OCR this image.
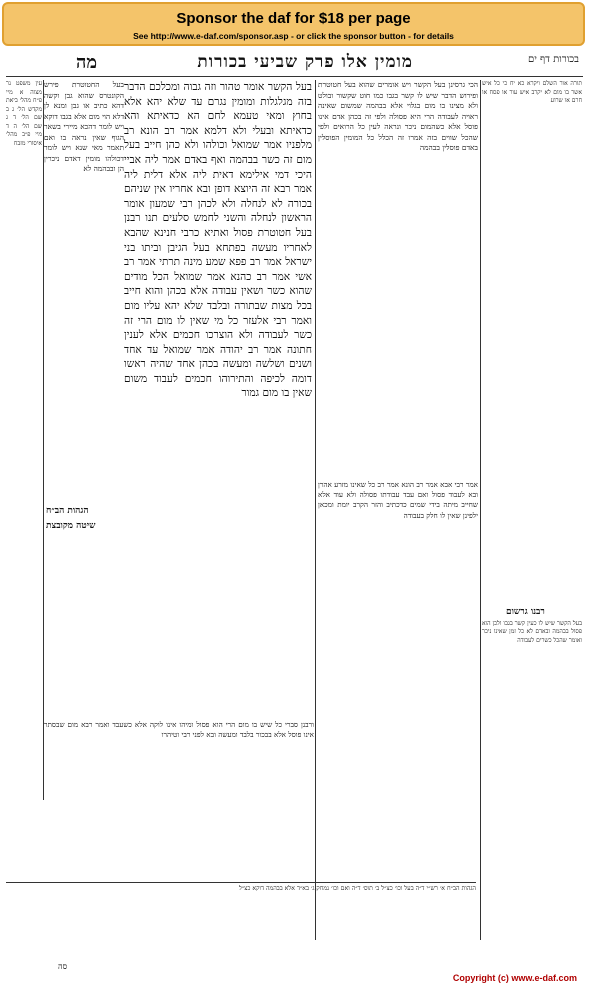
Sponsor the daf for $18 per page
See http://www.e-daf.com/sponsor.asp - or click the sponsor button - for details
בכורות דף ים
מומין אלו פרק שביעי בכורות
מה
עין משפט נר מצוה א מיי פ״ח מהל׳ ביאת מקדש הל׳ ג ב שם הל׳ ד ג שם הל׳ ה ד מיי פ״ב מהל׳ איסורי מזבח
בעל החטוטרת פירש הקונטרס שהוא גבן וקשה דהא כתיב או גבן ומנא לן דלא הוי מום אלא בגבו דוקא ויש לומר דהכא מיירי בשאר הגוף שאין נראה בו ואם תאמר מאי שנא ויש לומר דכולהו מומין דאדם ניכרין הן ובבהמה לא
הגהות הב״ח
שיטה מקובצת
בעל הקשר אומר טהור וזה גבוה ומכלכם הדבר בזה מגלגלות ומומין נגרם עד שלא יהא אלא בחוץ ומאי טעמא לחם הא כדאיתא והא כדאיתא ובעלי ולא דלמא אמר רב הונא רב מלפניו אמר שמואל וכולהו ולא כהן חייב בעל מום זה כשר בבהמה ואף באדם אמר ליה אביי היכי דמי אילימא דאית ליה אלא דלית ליה אמר רבא זה היוצא דופן ובא אחריו אין שניהם בכורה לא לנחלה ולא לכהן רבי שמעון אומר הראשון לנחלה והשני לחמש סלעים תנו רבנן בעל חטוטרת פסול ואתיא כרבי חנינא שהבא לאחריו מעשה בפתחא בעל הגיבן וביתו בני ישראל אמר רב פפא שמע מינה תרתי אמר רב אשי אמר רב כהנא אמר שמואל הכל מודים שהוא כשר ושאין עבודה אלא בכהן והוא חייב בכל מצות שבתורה ובלבד שלא יהא עליו מום ואמר רבי אלעזר כל מי שאין לו מום הרי זה כשר לעבודה ולא הוצרכו חכמים אלא לענין חתונה אמר רב יהודה אמר שמואל עד אחד ושנים ושלשה ומעשה בכהן אחד שהיה ראשו דומה לכיפה והתירוהו חכמים לעבוד משום שאין בו מום גמור
הכי גרסינן בעל הקשר ויש אומרים שהוא בעל חטוטרת ופירוש הדבר שיש לו קשר בגבו כמו חוט שקשור ובולט ולא מצינו בו מום בגלוי אלא בבהמה שמשום שאינה ראויה לעבודה הרי היא פסולה ולפי זה בכהן אדם אינו פוסל אלא כשהמום ניכר ונראה לעין כל הרואים ולפי שהכל שווים בזה אמרו זה הכלל כל המומין הפוסלין באדם פוסלין בבהמה
אמר רבי אבא אמר רב הונא אמר רב כל שאינו מזרע אהרן ובא לעבוד פסול ואם עבד עבודתו פסולה ולא עוד אלא שחייב מיתה בידי שמים כדכתיב והזר הקרב יומת ומכאן ילפינן שאין לו חלק בעבודה
תורה אור השלם ויקרא כא יח כי כל איש אשר בו מום לא יקרב איש עור או פסח או חרם או שרוע
רבנו גרשום
בעל הקשר שיש לו כעין קשר בגבו ולכן הוא פסול בבהמה ובאדם לא כל זמן שאינו ניכר ואומר שהכל כשרים לעבודה
ורבנן סברי כל שיש בו מום הרי הוא פסול ומיהו אינו לוקה אלא כשעבד ואמר רבא מום שבסתר אינו פוסל אלא בבכור בלבד ומעשה ובא לפני רבי וטיהרו
הגהות הב״ח א׳ רש״י ד״ה בעל וכו׳ כצ״ל ב׳ תוס׳ ד״ה ואם וכו׳ נמחק ג׳ בא״ד אלא בבהמה דוקא כצ״ל
סה
Copyright (c) www.e-daf.com
